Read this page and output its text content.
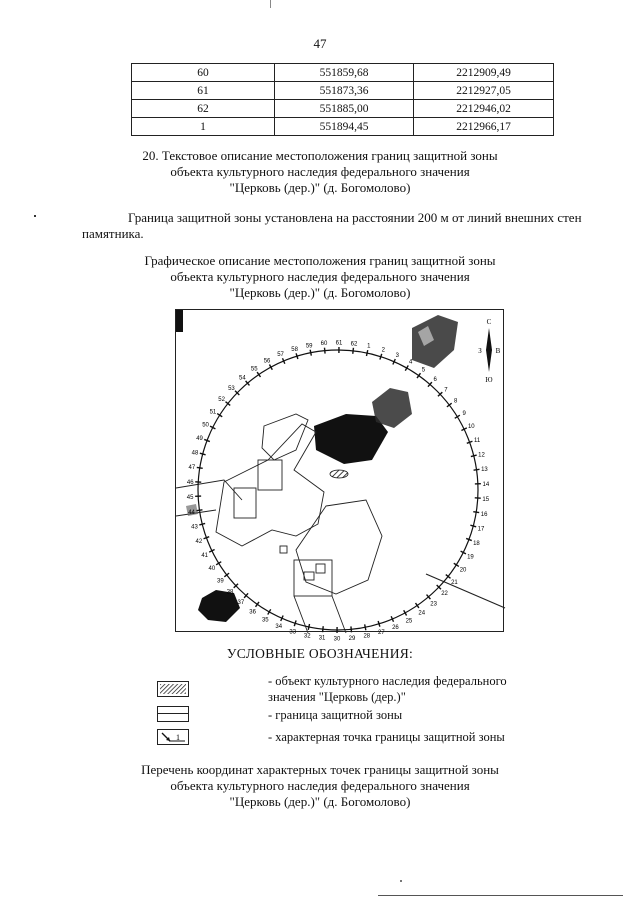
47
60	551859,68	2212909,49
61	551873,36	2212927,05
62	551885,00	2212946,02
1	551894,45	2212966,17
20. Текстовое описание местоположения границ защитной зоны
объекта культурного наследия федерального значения
"Церковь (дер.)" (д. Богомолово)
Граница защитной зоны установлена на расстоянии 200 м от линий внешних стен
памятника.
Графическое описание местоположения границ защитной зоны
объекта культурного наследия федерального значения
"Церковь (дер.)" (д. Богомолово)
1
2
3
4
5
6
7
8
9
10
11
12
13
14
15
16
17
18
19
20
21
22
23
24
25
26
27
28
29
30
31
32
33
34
35
36
37
38
39
40
41
42
43
44
45
46
47
48
49
50
51
52
53
54
55
56
57
58
59 60 61 62
С
Ю
З В
УСЛОВНЫЕ ОБОЗНАЧЕНИЯ:
- объект культурного наследия федерального
значения "Церковь (дер.)"
- граница защитной зоны
1	- характерная точка границы защитной зоны
Перечень координат характерных точек границы защитной зоны
объекта культурного наследия федерального значения
"Церковь (дер.)" (д. Богомолово)
